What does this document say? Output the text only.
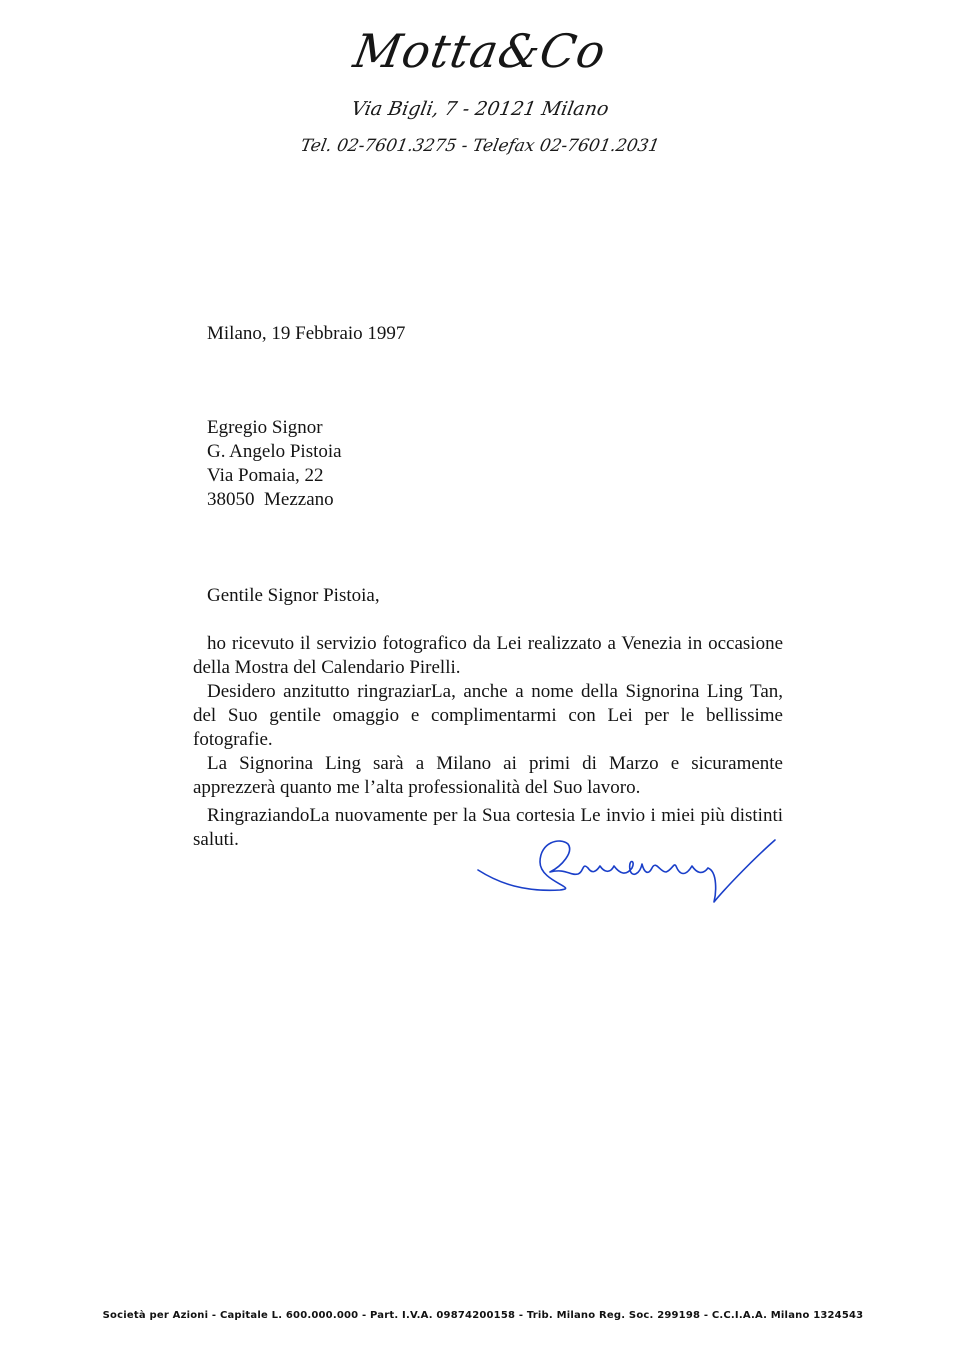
Motta&Co
Via Bigli, 7 - 20121 Milano
Tel. 02-7601.3275 - Telefax 02-7601.2031
Milano, 19 Febbraio 1997
Egregio Signor
G. Angelo Pistoia
Via Pomaia, 22
38050  Mezzano
Gentile Signor Pistoia,

ho ricevuto il servizio fotografico da Lei realizzato a Venezia in occasione della Mostra del Calendario Pirelli.

Desidero anzitutto ringraziarLa, anche a nome della Signorina Ling Tan, del Suo gentile omaggio e complimentarmi con Lei per le bellissime fotografie.

La Signorina Ling sarà a Milano ai primi di Marzo e sicuramente apprezzerà quanto me l’alta professionalità del Suo lavoro.

RingraziandoLa nuovamente per la Sua cortesia Le invio i miei più distinti saluti.

Società per Azioni - Capitale L. 600.000.000 - Part. I.V.A. 09874200158 - Trib. Milano Reg. Soc. 299198 - C.C.I.A.A. Milano 1324543
